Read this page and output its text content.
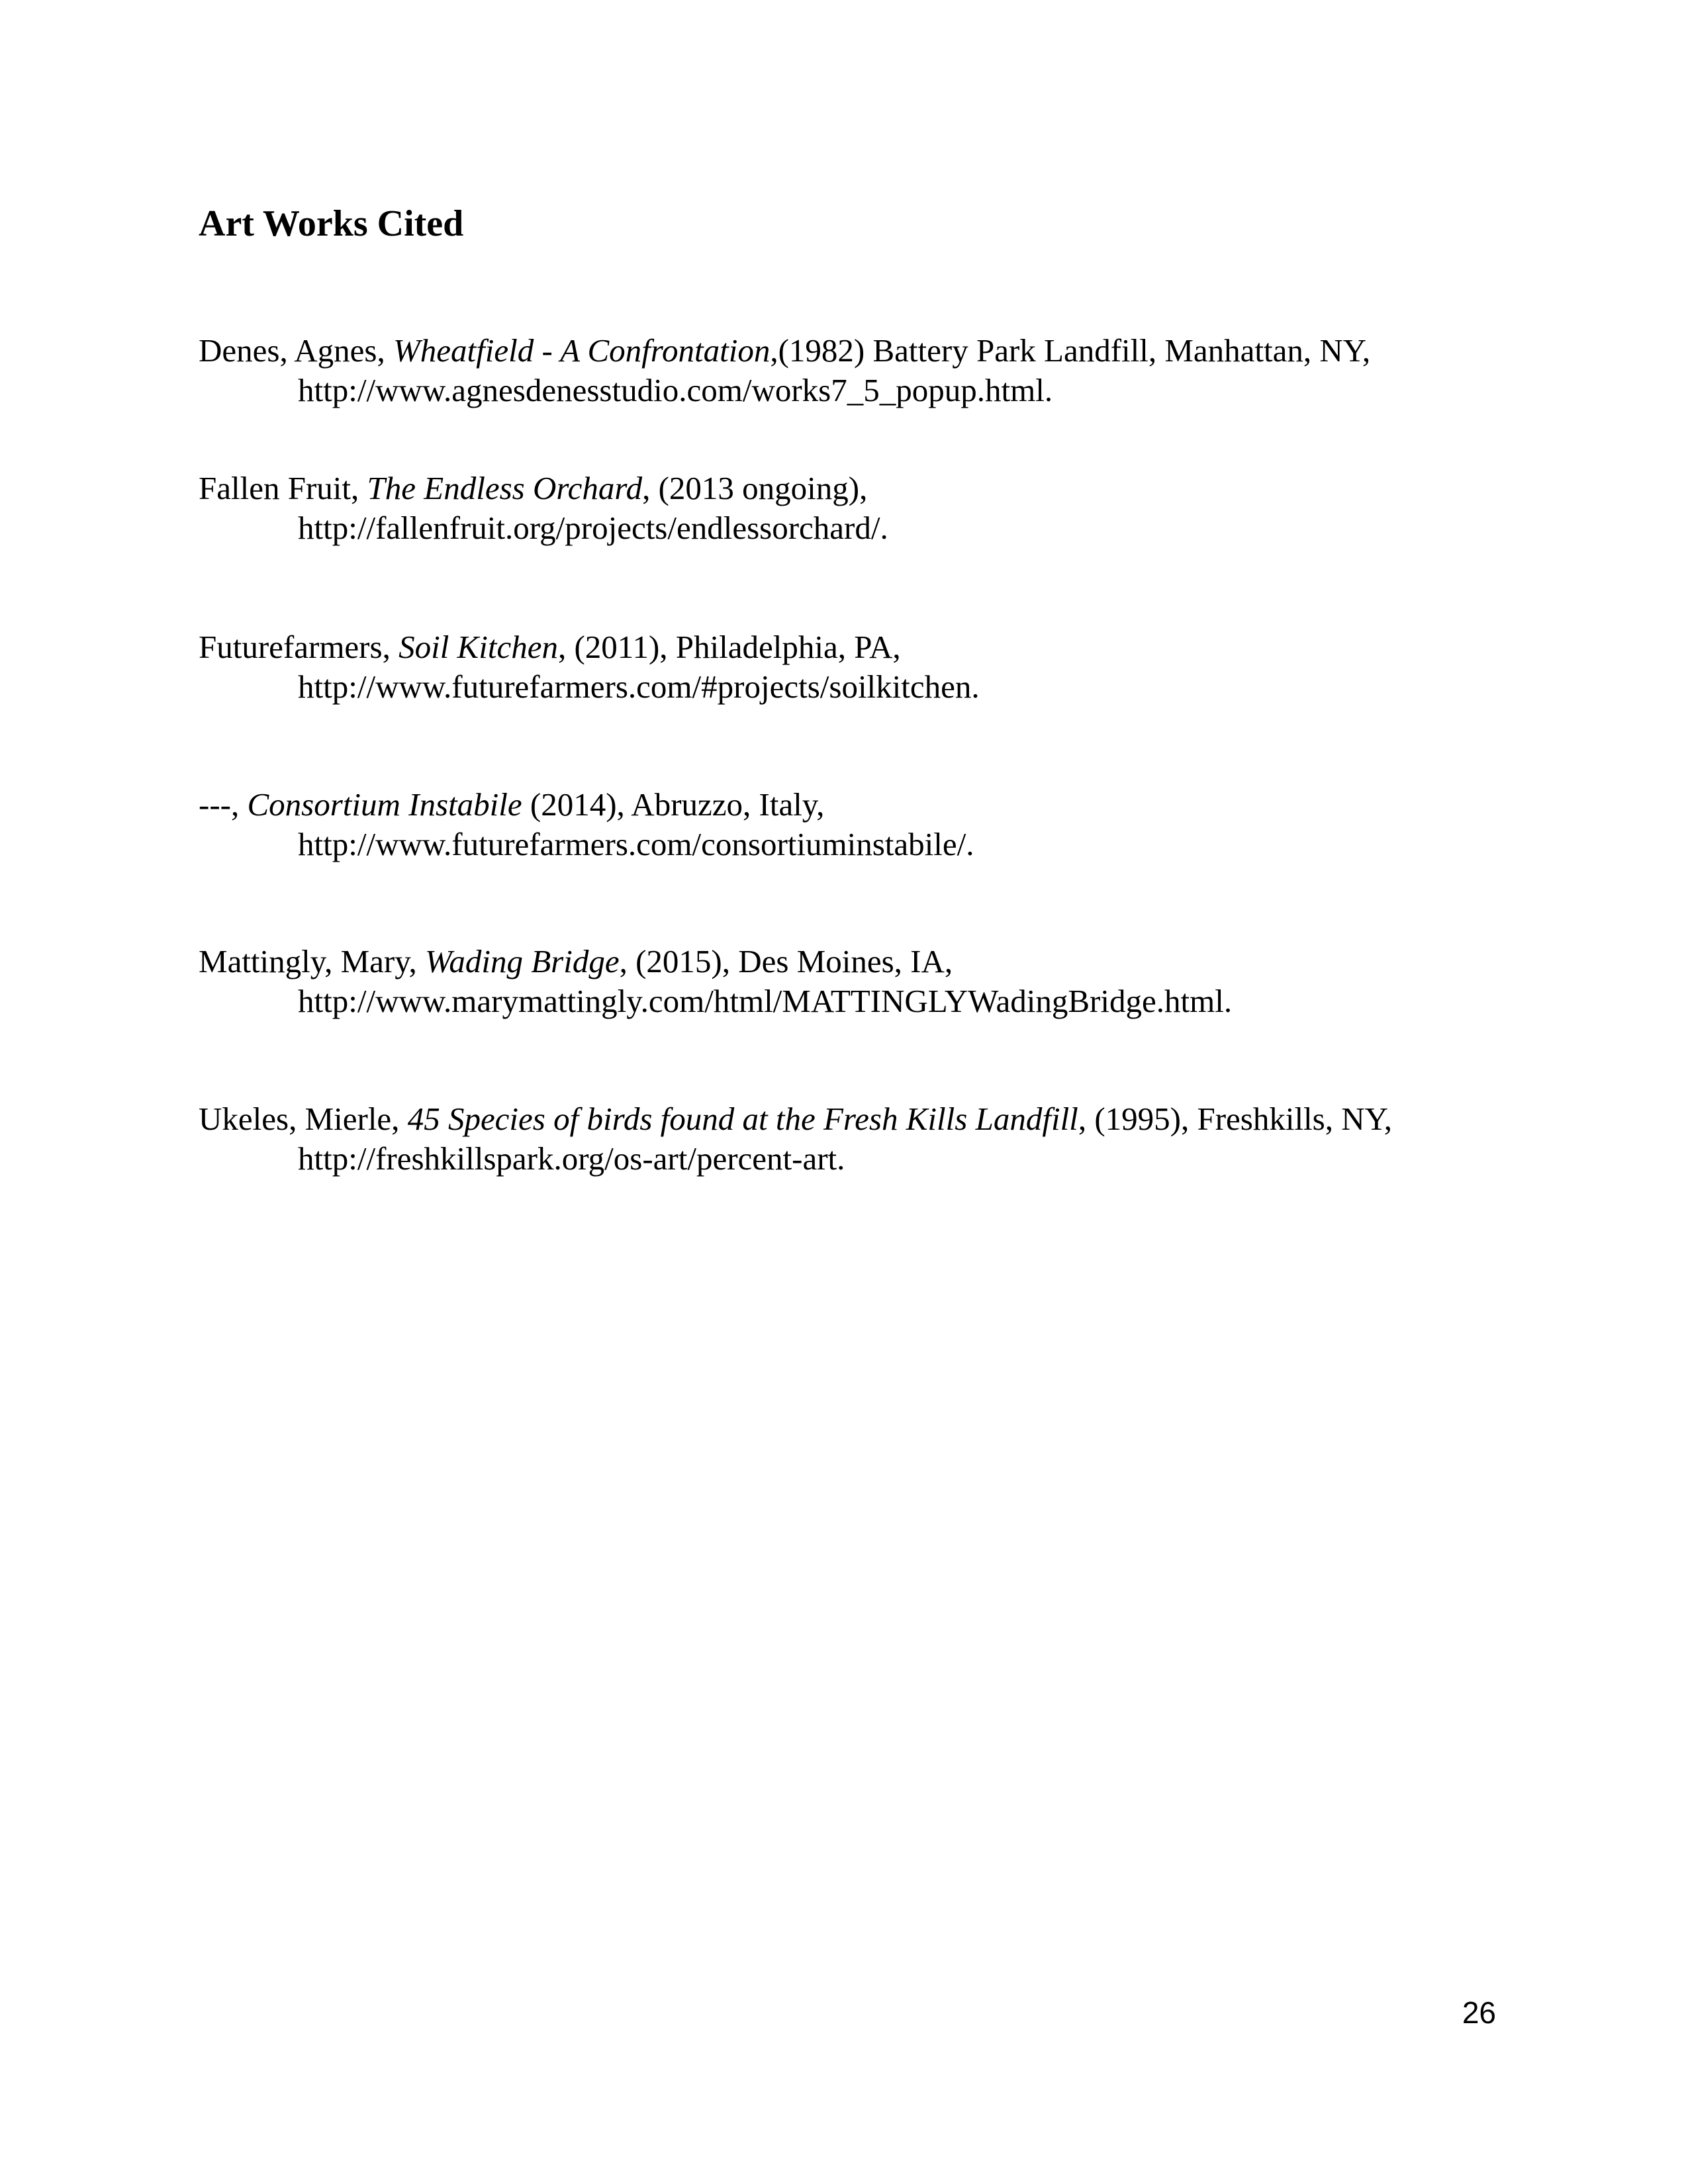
Art Works Cited
Denes, Agnes, Wheatfield - A Confrontation,(1982) Battery Park Landfill, Manhattan, NY,
http://www.agnesdenesstudio.com/works7_5_popup.html.
Fallen Fruit, The Endless Orchard, (2013 ongoing),
http://fallenfruit.org/projects/endlessorchard/.
Futurefarmers, Soil Kitchen, (2011), Philadelphia, PA,
http://www.futurefarmers.com/#projects/soilkitchen.
---, Consortium Instabile (2014), Abruzzo, Italy,
http://www.futurefarmers.com/consortiuminstabile/.
Mattingly, Mary, Wading Bridge, (2015), Des Moines, IA,
http://www.marymattingly.com/html/MATTINGLYWadingBridge.html.
Ukeles, Mierle, 45 Species of birds found at the Fresh Kills Landfill, (1995), Freshkills, NY,
http://freshkillspark.org/os-art/percent-art.
26
